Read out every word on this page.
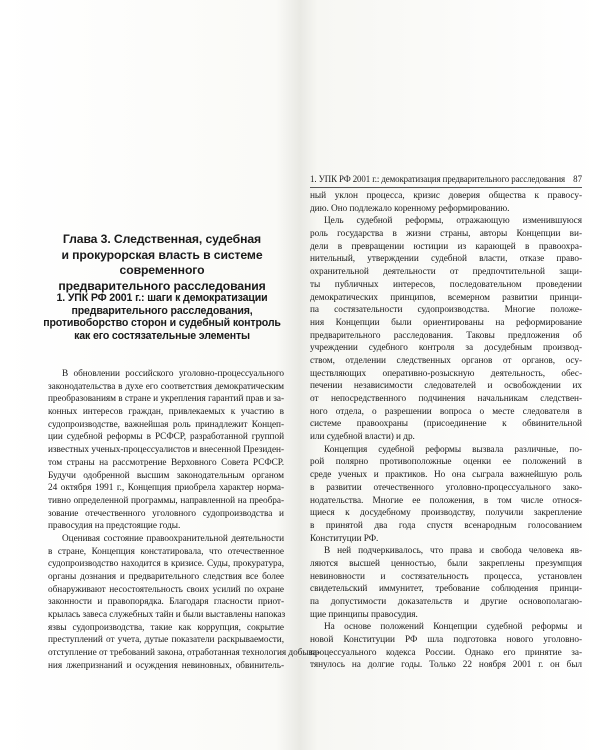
Глава 3. Следственная, судебная
и прокурорская власть в системе современного
предварительного расследования
1. УПК РФ 2001 г.: шаги к демократизации
предварительного расследования,
противоборство сторон и судебный контроль
как его состязательные элементы
В обновлении российского уголовно-процессуального
законодательства в духе его соответствия демократическим
преобразованиям в стране и укрепления гарантий прав и за-
конных интересов граждан, привлекаемых к участию в
судопроизводстве, важнейшая роль принадлежит Концеп-
ции судебной реформы в РСФСР, разработанной группой
известных ученых-процессуалистов и внесенной Президен-
том страны на рассмотрение Верховного Совета РСФСР.
Будучи одобренной высшим законодательным органом
24 октября 1991 г., Концепция приобрела характер норма-
тивно определенной программы, направленной на преобра-
зование отечественного уголовного судопроизводства и
правосудия на предстоящие годы.
Оценивая состояние правоохранительной деятельности
в стране, Концепция констатировала, что отечественное
судопроизводство находится в кризисе. Суды, прокуратура,
органы дознания и предварительного следствия все более
обнаруживают несостоятельность своих усилий по охране
законности и правопорядка. Благодаря гласности приот-
крылась завеса служебных тайн и были выставлены напоказ
язвы судопроизводства, такие как коррупция, сокрытие
преступлений от учета, дутые показатели раскрываемости,
отступление от требований закона, отработанная технология добыва-
ния лжепризнаний и осуждения невиновных, обвинитель-
1. УПК РФ 2001 г.: демократизация предварительного расследования 87
ный уклон процесса, кризис доверия общества к правосу-
дию. Оно подлежало коренному реформированию.
Цель судебной реформы, отражающую изменившуюся
роль государства в жизни страны, авторы Концепции ви-
дели в превращении юстиции из карающей в правоохра-
нительный, утверждении судебной власти, отказе право-
охранительной деятельности от предпочтительной защи-
ты публичных интересов, последовательном проведении
демократических принципов, всемерном развитии принци-
па состязательности судопроизводства. Многие положе-
ния Концепции были ориентированы на реформирование
предварительного расследования. Таковы предложения об
учреждении судебного контроля за досудебным производ-
ством, отделении следственных органов от органов, осу-
ществляющих оперативно-розыскную деятельность, обес-
печении независимости следователей и освобождении их
от непосредственного подчинения начальникам следствен-
ного отдела, о разрешении вопроса о месте следователя в
системе правоохраны (присоединение к обвинительной
или судебной власти) и др.
Концепция судебной реформы вызвала различные, по-
рой полярно противоположные оценки ее положений в
среде ученых и практиков. Но она сыграла важнейшую роль
в развитии отечественного уголовно-процессуального зако-
нодательства. Многие ее положения, в том числе относя-
щиеся к досудебному производству, получили закрепление
в принятой два года спустя всенародным голосованием
Конституции РФ.
В ней подчеркивалось, что права и свобода человека яв-
ляются высшей ценностью, были закреплены презумпция
невиновности и состязательность процесса, установлен
свидетельский иммунитет, требование соблюдения принци-
па допустимости доказательств и другие основополагаю-
щие принципы правосудия.
На основе положений Концепции судебной реформы и
новой Конституции РФ шла подготовка нового уголовно-
процессуального кодекса России. Однако его принятие за-
тянулось на долгие годы. Только 22 ноября 2001 г. он был
